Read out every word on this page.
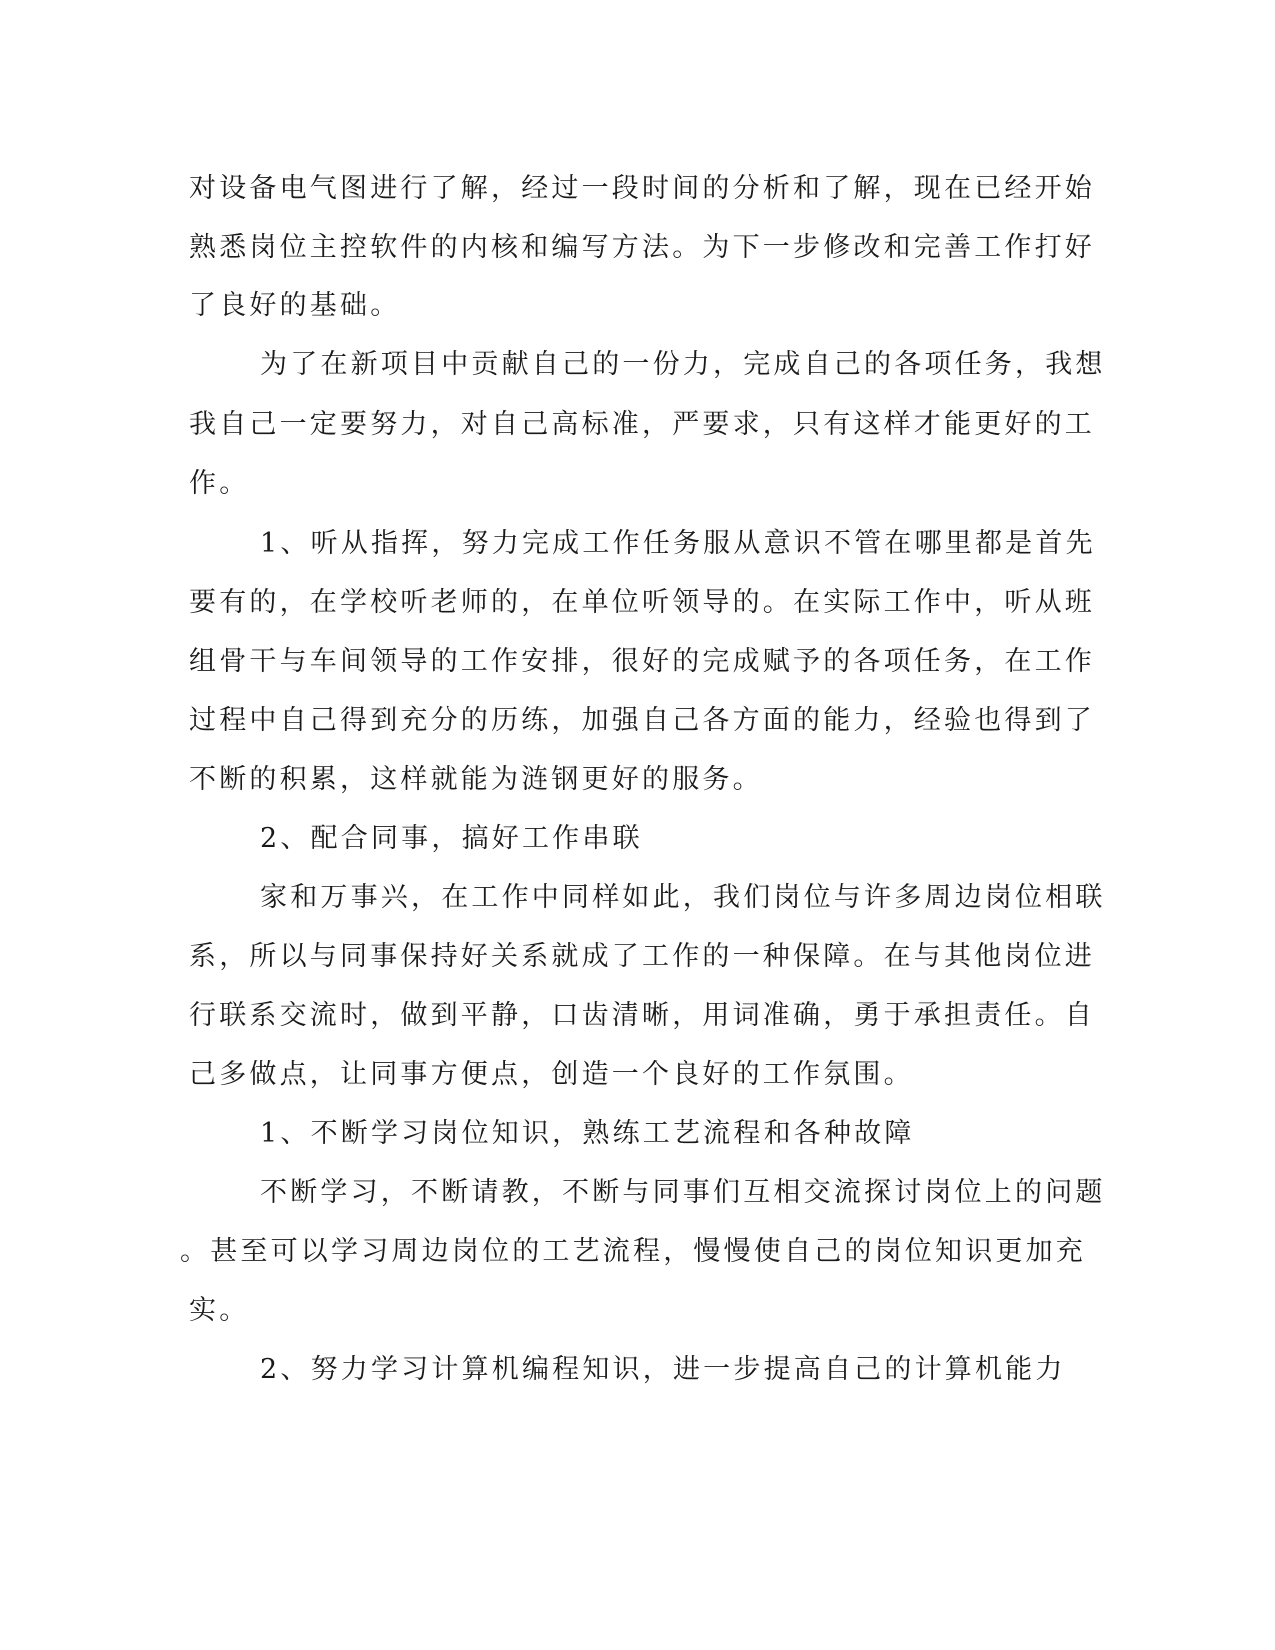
对设备电气图进行了解，经过一段时间的分析和了解，现在已经开始
熟悉岗位主控软件的内核和编写方法。为下一步修改和完善工作打好
了良好的基础。
为了在新项目中贡献自己的一份力，完成自己的各项任务，我想
我自己一定要努力，对自己高标准，严要求，只有这样才能更好的工
作。
1、听从指挥，努力完成工作任务服从意识不管在哪里都是首先
要有的，在学校听老师的，在单位听领导的。在实际工作中，听从班
组骨干与车间领导的工作安排，很好的完成赋予的各项任务，在工作
过程中自己得到充分的历练，加强自己各方面的能力，经验也得到了
不断的积累，这样就能为涟钢更好的服务。
2、配合同事，搞好工作串联
家和万事兴，在工作中同样如此，我们岗位与许多周边岗位相联
系，所以与同事保持好关系就成了工作的一种保障。在与其他岗位进
行联系交流时，做到平静，口齿清晰，用词准确，勇于承担责任。自
己多做点，让同事方便点，创造一个良好的工作氛围。
1、不断学习岗位知识，熟练工艺流程和各种故障
不断学习，不断请教，不断与同事们互相交流探讨岗位上的问题
。甚至可以学习周边岗位的工艺流程，慢慢使自己的岗位知识更加充
实。
2、努力学习计算机编程知识，进一步提高自己的计算机能力
